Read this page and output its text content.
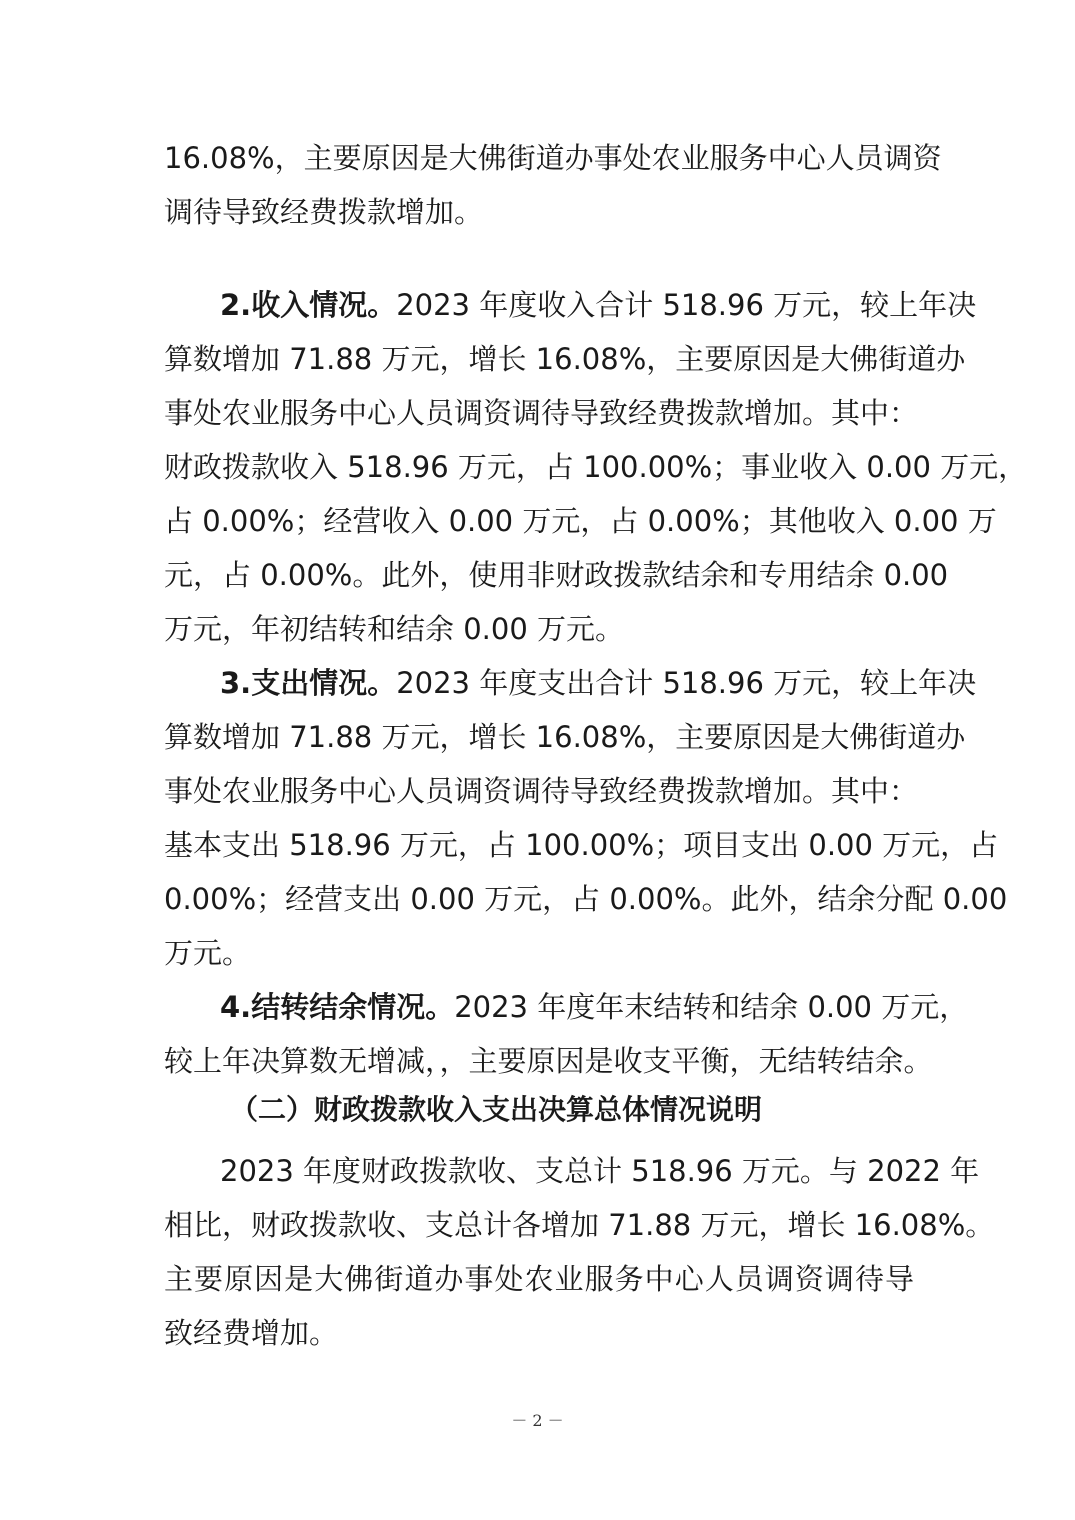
16.08%，主要原因是大佛街道办事处农业服务中心人员调资
调待导致经费拨款增加。
2.收入情况。2023 年度收入合计 518.96 万元，较上年决
算数增加 71.88 万元，增长 16.08%，主要原因是大佛街道办
事处农业服务中心人员调资调待导致经费拨款增加。其中：
财政拨款收入 518.96 万元，占 100.00%；事业收入 0.00 万元，
占 0.00%；经营收入 0.00 万元，占 0.00%；其他收入 0.00 万
元，占 0.00%。此外，使用非财政拨款结余和专用结余 0.00
万元，年初结转和结余 0.00 万元。
3.支出情况。2023 年度支出合计 518.96 万元，较上年决
算数增加 71.88 万元，增长 16.08%，主要原因是大佛街道办
事处农业服务中心人员调资调待导致经费拨款增加。其中：
基本支出 518.96 万元，占 100.00%；项目支出 0.00 万元，占
0.00%；经营支出 0.00 万元，占 0.00%。此外，结余分配 0.00
万元。
4.结转结余情况。2023 年度年末结转和结余 0.00 万元，
较上年决算数无增减，，主要原因是收支平衡，无结转结余。
（二）财政拨款收入支出决算总体情况说明
2023 年度财政拨款收、支总计 518.96 万元。与 2022 年
相比，财政拨款收、支总计各增加 71.88 万元，增长 16.08%。
主要原因是大佛街道办事处农业服务中心人员调资调待导
致经费增加。
－ 2 －
